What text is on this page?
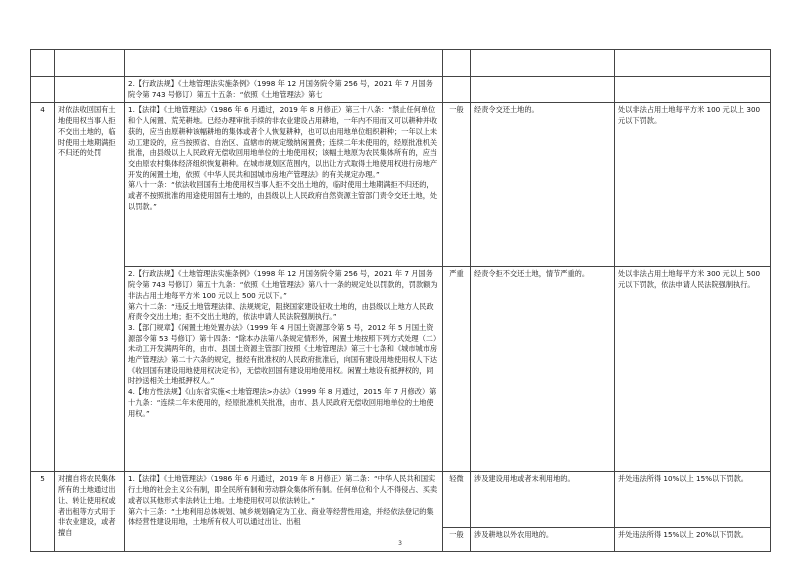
		2.【行政法规】《土地管理法实施条例》（1998 年 12 月国务院令第 256 号，2021 年 7 月国务院令第 743 号修订）第五十五条：“依照《土地管理法》第七			

4	对依法收回国有土地使用权当事人拒不交出土地的，临时使用土地期满拒不归还的处罚	1.【法律】《土地管理法》（1986 年 6 月通过，2019 年 8 月修正）第三十八条：“禁止任何单位和个人闲置、荒芜耕地。已经办理审批手续的非农业建设占用耕地，一年内不用而又可以耕种并收获的，应当由原耕种该幅耕地的集体或者个人恢复耕种，也可以由用地单位组织耕种；一年以上未动工建设的，应当按照省、自治区、直辖市的规定缴纳闲置费；连续二年未使用的，经原批准机关批准，由县级以上人民政府无偿收回用地单位的土地使用权；该幅土地原为农民集体所有的，应当交由原农村集体经济组织恢复耕种。在城市规划区范围内，以出让方式取得土地使用权进行房地产开发的闲置土地，依照《中华人民共和国城市房地产管理法》的有关规定办理。”
第八十一条：“依法收回国有土地使用权当事人拒不交出土地的，临时使用土地期满拒不归还的，或者不按照批准的用途使用国有土地的，由县级以上人民政府自然资源主管部门责令交还土地，处以罚款。”	一般	经责令交还土地的。	处以非法占用土地每平方米 100 元以上 300 元以下罚款。

		2.【行政法规】《土地管理法实施条例》（1998 年 12 月国务院令第 256 号，2021 年 7 月国务院令第 743 号修订）第五十九条：“依照《土地管理法》第八十一条的规定处以罚款的，罚款额为非法占用土地每平方米 100 元以上 500 元以下。”
第六十二条：“违反土地管理法律、法规规定，阻挠国家建设征收土地的，由县级以上地方人民政府责令交出土地；拒不交出土地的，依法申请人民法院强制执行。”
3.【部门规章】《闲置土地处置办法》（1999 年 4 月国土资源部令第 5 号，2012 年 5 月国土资源部令第 53 号修订）第十四条：“除本办法第八条规定情形外，闲置土地按照下列方式处理（二）未动工开发满两年的，由市、县国土资源主管部门按照《土地管理法》第三十七条和《城市城市房地产管理法》第二十六条的规定，报经有批准权的人民政府批准后，向国有建设用地使用权人下达《收回国有建设用地使用权决定书》，无偿收回国有建设用地使用权。闲置土地设有抵押权的，同时抄送相关土地抵押权人。”
4.【地方性法规】《山东省实施<土地管理法>办法》（1999 年 8 月通过，2015 年 7 月修改）第十九条：“连续二年未使用的，经原批准机关批准，由市、县人民政府无偿收回用地单位的土地使用权。”	严重	经责令拒不交还土地，情节严重的。	处以非法占用土地每平方米 300 元以上 500 元以下罚款，依法申请人民法院强制执行。
5	对擅自将农民集体所有的土地通过出让、转让使用权或者出租等方式用于非农业建设，或者擅自	1.【法律】《土地管理法》（1986 年 6 月通过，2019 年 8 月修正）第二条：“中华人民共和国实行土地的社会主义公有制，即全民所有制和劳动群众集体所有制。任何单位和个人不得侵占、买卖或者以其他形式非法转让土地。土地使用权可以依法转让。”
第六十三条：“土地利用总体规划、城乡规划确定为工业、商业等经营性用途，并经依法登记的集体经营性建设用地，土地所有权人可以通过出让、出租	轻微	涉及建设用地或者未利用地的。	并处违法所得 10%以上 15%以下罚款。
			一般	涉及耕地以外农用地的。	并处违法所得 15%以上 20%以下罚款。
3
